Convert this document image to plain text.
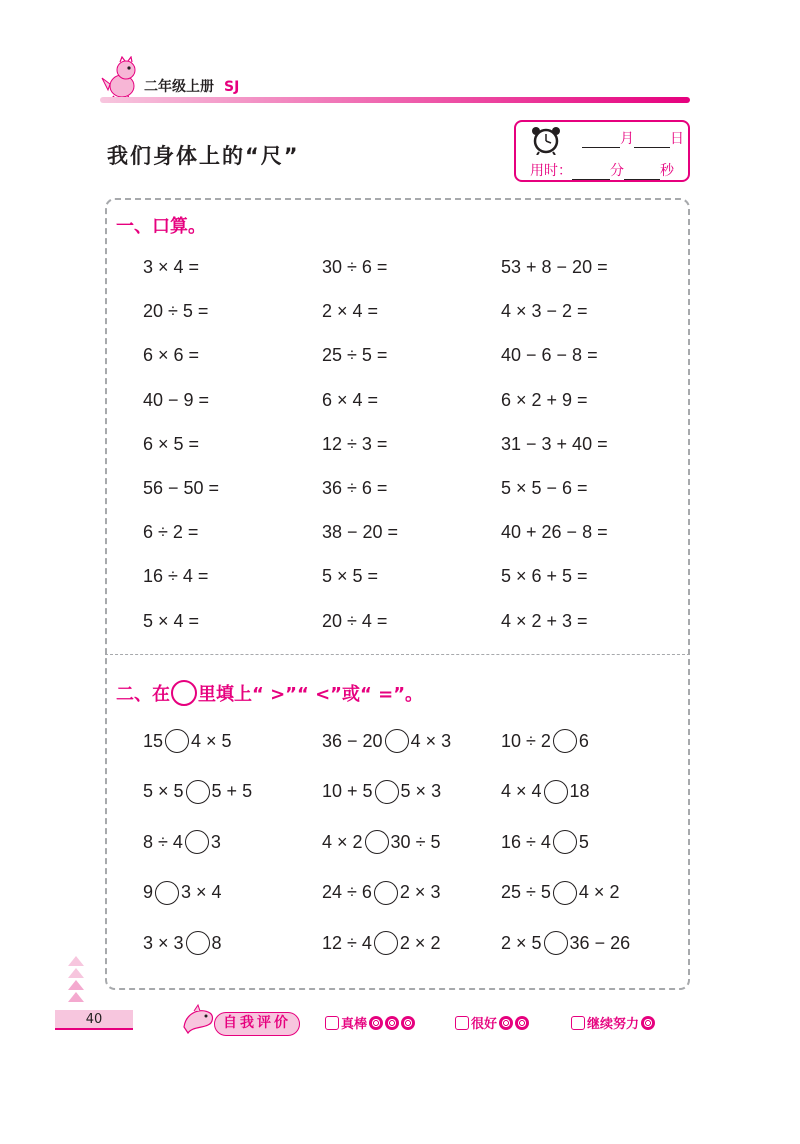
二年级上册 SJ
我们身体上的“尺”
月	日
用时：	分	秒
一、口算。
3 × 4 =	30 ÷ 6 =	53 + 8 − 20 =
20 ÷ 5 =	2 × 4 =	4 × 3 − 2 =
6 × 6 =	25 ÷ 5 =	40 − 6 − 8 =
40 − 9 =	6 × 4 =	6 × 2 + 9 =
6 × 5 =	12 ÷ 3 =	31 − 3 + 40 =
56 − 50 =	36 ÷ 6 =	5 × 5 − 6 =
6 ÷ 2 =	38 − 20 =	40 + 26 − 8 =
16 ÷ 4 =	5 × 5 =	5 × 6 + 5 =
5 × 4 =	20 ÷ 4 =	4 × 2 + 3 =
二、在 里填上“ >”“ <”或“ =”。
15 4 × 5	36 − 20 4 × 3	10 ÷ 2 6
5 × 5 5 + 5	10 + 5 5 × 3	4 × 4 18
8 ÷ 4 3	4 × 2 30 ÷ 5	16 ÷ 4 5
9 3 × 4	24 ÷ 6 2 × 3	25 ÷ 5 4 × 2
3 × 3 8	12 ÷ 4 2 × 2	2 × 5 36 − 26
40	自我评价	真棒	很好	继续努力
